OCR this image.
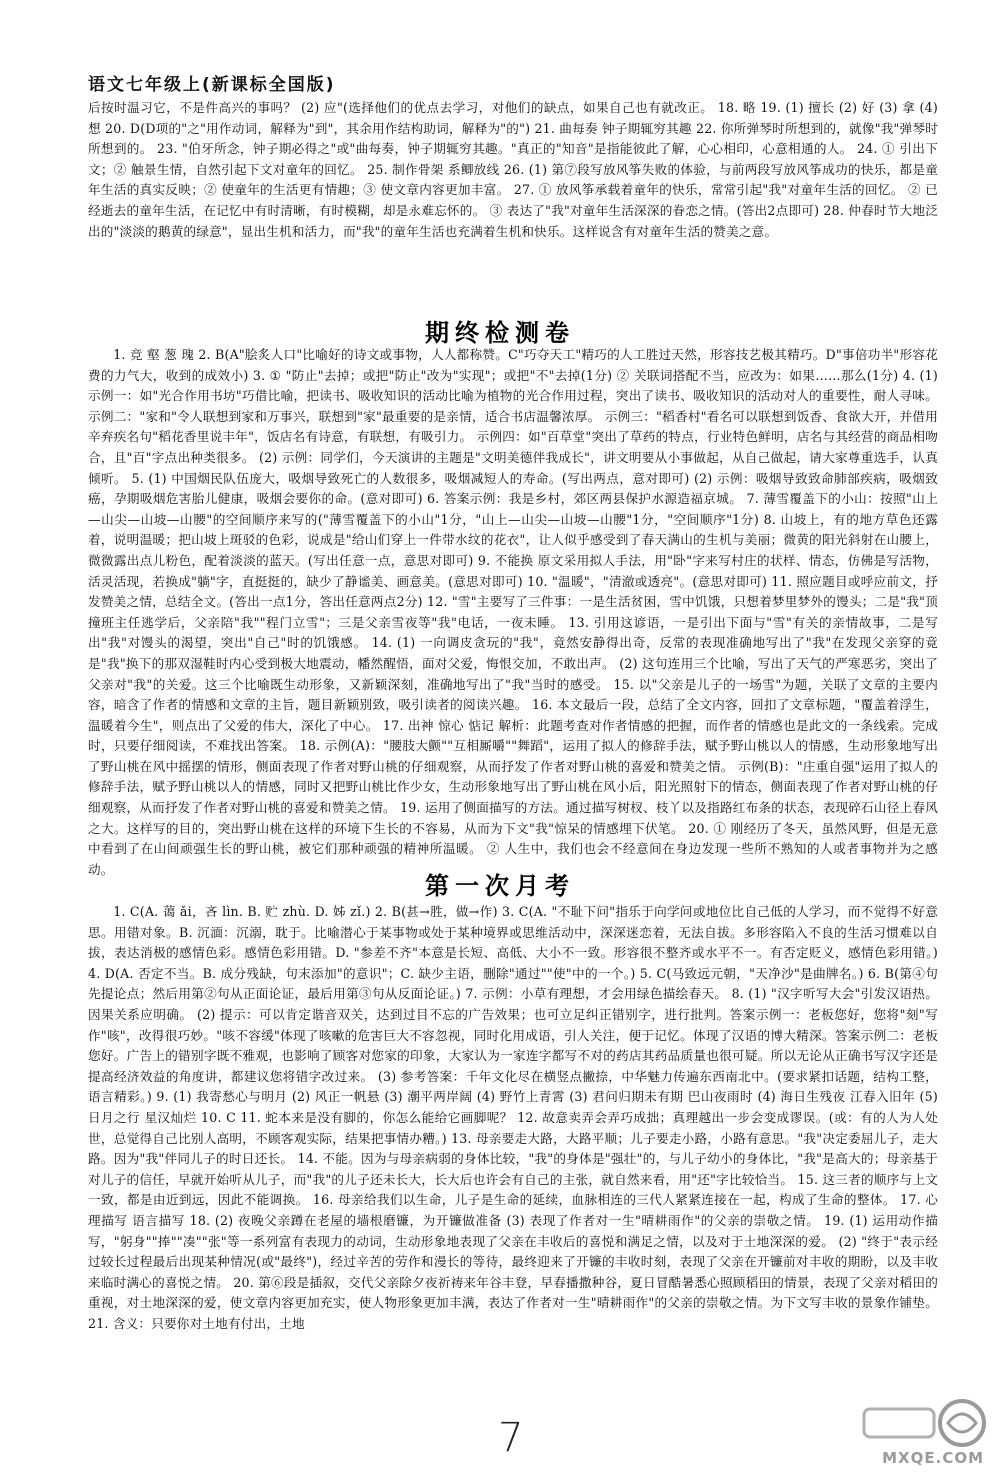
语文七年级上(新课标全国版)

后按时温习它，不是件高兴的事吗？ (2) 应"(选择他们的优点去学习，对他们的缺点，如果自己也有就改正。 18. 略 19. (1) 擅长 (2) 好 (3) 拿 (4) 想 20. D(D项的"之"用作动词，解释为"到"，其余用作结构助词，解释为"的") 21. 曲每奏 钟子期辄穷其趣 22. 你所弹琴时所想到的，就像"我"弹琴时所想到的。 23. "伯牙所念，钟子期必得之"或"曲每奏，钟子期辄穷其趣。"真正的"知音"是指能彼此了解，心心相印，心意相通的人。 24. ① 引出下文；② 触景生情，自然引起下文对童年的回忆。 25. 制作骨架 系鲫放线 26. (1) 第⑦段写放风筝失败的体验，与前两段写放风筝成功的快乐，都是童年生活的真实反映；② 使童年的生活更有情趣；③ 使文章内容更加丰富。 27. ① 放风筝承载着童年的快乐，常常引起"我"对童年生活的回忆。 ② 已经逝去的童年生活，在记忆中有时清晰，有时模糊，却是永难忘怀的。 ③ 表达了"我"对童年生活深深的眷恋之情。(答出2点即可) 28. 仲春时节大地泛出的"淡淡的鹅黄的绿意"，显出生机和活力，而"我"的童年生活也充满着生机和快乐。这样说含有对童年生活的赞美之意。

期终检测卷

1. 竞 壑 葱 瑰 2. B(A"脍炙人口"比喻好的诗文或事物，人人都称赞。C"巧夺天工"精巧的人工胜过天然，形容技艺极其精巧。D"事倍功半"形容花费的力气大，收到的成效小) 3. ① "防止"去掉；或把"防止"改为"实现"；或把"不"去掉(1分) ② 关联词搭配不当，应改为：如果……那么(1分) 4. (1) 示例一：如"光合作用书坊"巧借比喻，把读书、吸收知识的活动比喻为植物的光合作用过程，突出了读书、吸收知识的活动对人的重要性，耐人寻味。 示例二："家和"令人联想到家和万事兴，联想到"家"最重要的是亲情，适合书店温馨浓厚。 示例三："稻香村"看名可以联想到饭香、食欲大开，并借用辛弃疾名句"稻花香里说丰年"，饭店名有诗意，有联想，有吸引力。 示例四：如"百草堂"突出了草药的特点，行业特色鲜明，店名与其经营的商品相吻合，且"百"字点出种类很多。 (2) 示例：同学们，今天演讲的主题是"文明美德伴我成长"，讲文明要从小事做起，从自己做起，请大家尊重选手，认真倾听。 5. (1) 中国烟民队伍庞大，吸烟导致死亡的人数很多，吸烟减短人的寿命。(写出两点，意对即可) (2) 示例：吸烟导致致命肺部疾病，吸烟致癌，孕期吸烟危害胎儿健康，吸烟会要你的命。(意对即可) 6. 答案示例：我是乡村，郊区两县保护水源造福京城。 7. 薄雪覆盖下的小山：按照"山上—山尖—山坡—山腰"的空间顺序来写的("薄雪覆盖下的小山"1分，"山上—山尖—山坡—山腰"1分，"空间顺序"1分) 8. 山坡上，有的地方草色还露着，说明温暖；把山坡上斑驳的色彩，说成是"给山们穿上一件带水纹的花衣"，让人似乎感受到了春天满山的生机与美丽；微黄的阳光斜射在山腰上，微微露出点儿粉色，配着淡淡的蓝天。(写出任意一点，意思对即可) 9. 不能换 原文采用拟人手法，用"卧"字来写村庄的状样、情态，仿佛是写活物，活灵活现，若换成"躺"字，直挺挺的，缺少了静谧美、画意美。(意思对即可) 10. "温暖"，"清澈或透亮"。(意思对即可) 11. 照应题目或呼应前文，抒发赞美之情，总结全文。(答出一点1分，答出任意两点2分) 12. "雪"主要写了三件事：一是生活贫困，雪中饥饿，只想着梦里梦外的馒头；二是"我"顶撞班主任逃学后，父亲陪"我""程门立雪"；三是父亲雪夜等"我"电话，一夜未睡。 13. 引用这谚语，一是引出下面与"雪"有关的亲情故事，二是写出"我"对馒头的渴望，突出"自己"时的饥饿感。 14. (1) 一向调皮贪玩的"我"，竟然安静得出奇，反常的表现准确地写出了"我"在发现父亲穿的竟是"我"换下的那双湿鞋时内心受到极大地震动，幡然醒悟，面对父爱，悔恨交加，不敢出声。 (2) 这句连用三个比喻，写出了天气的严寒恶劣，突出了父亲对"我"的关爱。这三个比喻既生动形象，又新颖深刻，准确地写出了"我"当时的感受。 15. 以"父亲是儿子的一场雪"为题，关联了文章的主要内容，暗含了作者的情感和文章的主旨，题目新颖别致，吸引读者的阅读兴趣。 16. 本文最后一段，总结了全文内容，回扣了文章标题，"覆盖着浮生，温暖着今生"，则点出了父爱的伟大，深化了中心。 17. 出神 惊心 惦记 解析：此题考查对作者情感的把握，而作者的情感也是此文的一条线索。完成时，只要仔细阅读，不难找出答案。 18. 示例(A)："腰肢大颤""互相厮嚼""舞蹈"，运用了拟人的修辞手法，赋予野山桃以人的情感，生动形象地写出了野山桃在风中摇摆的情形，侧面表现了作者对野山桃的仔细观察，从而抒发了作者对野山桃的喜爱和赞美之情。 示例(B)："庄重自强"运用了拟人的修辞手法，赋予野山桃以人的情感，同时又把野山桃比作少女，生动形象地写出了野山桃在风小后，阳光照射下的情态，侧面表现了作者对野山桃的仔细观察，从而抒发了作者对野山桃的喜爱和赞美之情。 19. 运用了侧面描写的方法。通过描写树杈、枝丫以及指路红布条的状态，表现碎石山径上春风之大。这样写的目的，突出野山桃在这样的环境下生长的不容易，从而为下文"我"惊呆的情感埋下伏笔。 20. ① 刚经历了冬天，虽然风野，但是无意中看到了在山间顽强生长的野山桃，被它们那种顽强的精神所温暖。 ② 人生中，我们也会不经意间在身边发现一些所不熟知的人或者事物并为之感动。

第一次月考

1. C(A. 蔼 ǎi，吝 lìn. B. 贮 zhù. D. 姊 zǐ.) 2. B(甚→胜，做→作) 3. C(A. "不耻下问"指乐于向学问或地位比自己低的人学习，而不觉得不好意思。用错对象。B. 沉湎：沉溺，耽于。比喻潜心于某事物或处于某种境界或思维活动中，深深迷恋着，无法自拔。多形容陷入不良的生活习惯难以自拔，表达消极的感情色彩。感情色彩用错。D. "参差不齐"本意是长短、高低、大小不一致。形容很不整齐或水平不一。有否定贬义，感情色彩用错。) 4. D(A. 否定不当。B. 成分残缺，句末添加"的意识"；C. 缺少主语，删除"通过""使"中的一个。) 5. C(马致远元朝，"天净沙"是曲牌名。) 6. B(第④句先提论点；然后用第②句从正面论证，最后用第③句从反面论证。) 7. 示例：小草有理想，才会用绿色描绘春天。 8. (1) "汉字听写大会"引发汉语热。因果关系应明确。 (2) 提示：可以肯定谐音双关，达到过目不忘的广告效果；也可立足纠正错别字，进行批判。答案示例一：老板您好，您将"刻"写作"咳"，改得很巧妙。"咳不容缓"体现了咳嗽的危害巨大不容忽视，同时化用成语，引人关注，便于记忆。体现了汉语的博大精深。答案示例二：老板您好。广告上的错别字既不雅观，也影响了顾客对您家的印象，大家认为一家连字都写不对的药店其药品质量也很可疑。所以无论从正确书写汉字还是提高经济效益的角度讲，都建议您将错字改过来。 (3) 参考答案：千年文化尽在横竖点撇捺，中华魅力传遍东西南北中。(要求紧扣话题，结构工整，语言精彩。) 9. (1) 我寄愁心与明月 (2) 风正一帆悬 (3) 潮平两岸阔 (4) 野竹上青霄 (3) 君问归期未有期 巴山夜雨时 (4) 海日生残夜 江春入旧年 (5) 日月之行 星汉灿烂 10. C 11. 蛇本来是没有脚的，你怎么能给它画脚呢？ 12. 故意卖弄会弄巧成拙；真理越出一步会变成谬误。(或：有的人为人处世，总觉得自己比别人高明，不顾客观实际，结果把事情办糟。) 13. 母亲要走大路，大路平顺；儿子要走小路，小路有意思。"我"决定委屈儿子，走大路。因为"我"伴同儿子的时日还长。 14. 不能。因为与母亲病弱的身体比较，"我"的身体是"强壮"的，与儿子幼小的身体比，"我"是高大的；母亲基于对儿子的信任，早就开始听从儿子，而"我"的儿子还未长大，长大后也许会有自己的主张，就自然来看，用"还"字比较恰当。 15. 这三者的顺序与上文一致，都是由近到远，因此不能调换。 16. 母亲给我们以生命，儿子是生命的延续，血脉相连的三代人紧紧连接在一起，构成了生命的整体。 17. 心理描写 语言描写 18. (2) 夜晚父亲蹲在老屋的墙根磨镰，为开镰做准备 (3) 表现了作者对一生"晴耕雨作"的父亲的崇敬之情。 19. (1) 运用动作描写，"躬身""捧""凑""张"等一系列富有表现力的动词，生动形象地表现了父亲在丰收后的喜悦和满足之情，以及对于土地深深的爱。 (2) "终于"表示经过较长过程最后出现某种情况(或"最终")，经过辛苦的劳作和漫长的等待，最终迎来了开镰的丰收时刻，表现了父亲在开镰前对丰收的期盼，以及丰收来临时满心的喜悦之情。 20. 第⑥段是插叙，交代父亲除夕夜祈祷来年谷丰登，早春播撒种谷，夏日冒酷暑悉心照顾稻田的情景，表现了父亲对稻田的重视，对土地深深的爱，使文章内容更加充实，使人物形象更加丰满，表达了作者对一生"晴耕雨作"的父亲的崇敬之情。为下文写丰收的景象作铺垫。 21. 含义：只要你对土地有付出，土地

7	MXQE.COM
